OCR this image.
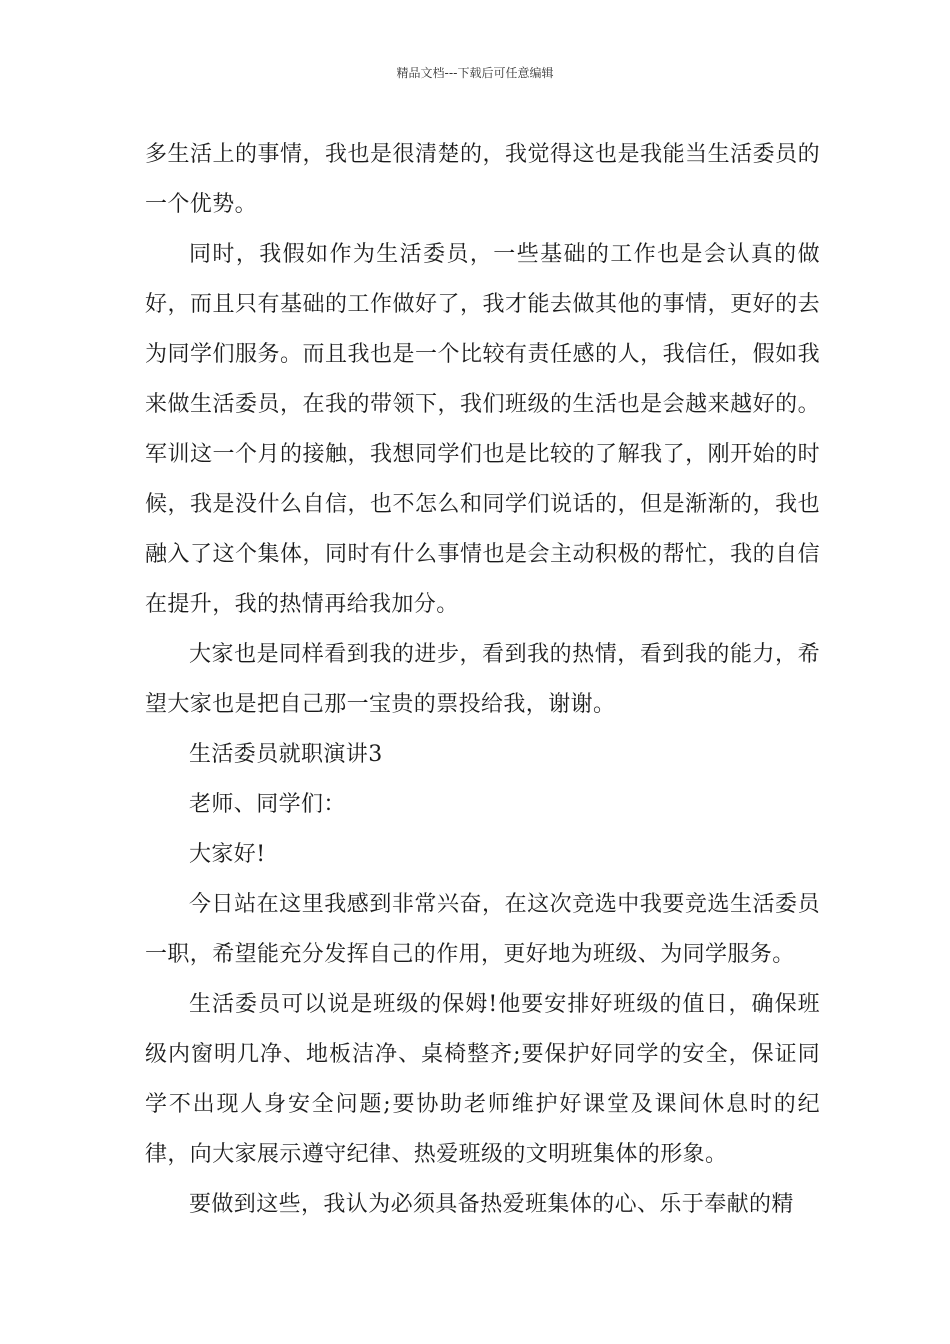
精品文档---下载后可任意编辑

多生活上的事情，我也是很清楚的，我觉得这也是我能当生活委员的一个优势。

同时，我假如作为生活委员，一些基础的工作也是会认真的做好，而且只有基础的工作做好了，我才能去做其他的事情，更好的去为同学们服务。而且我也是一个比较有责任感的人，我信任，假如我来做生活委员，在我的带领下，我们班级的生活也是会越来越好的。军训这一个月的接触，我想同学们也是比较的了解我了，刚开始的时候，我是没什么自信，也不怎么和同学们说话的，但是渐渐的，我也融入了这个集体，同时有什么事情也是会主动积极的帮忙，我的自信在提升，我的热情再给我加分。

大家也是同样看到我的进步，看到我的热情，看到我的能力，希望大家也是把自己那一宝贵的票投给我，谢谢。

生活委员就职演讲3

老师、同学们：

大家好!

今日站在这里我感到非常兴奋，在这次竞选中我要竞选生活委员一职，希望能充分发挥自己的作用，更好地为班级、为同学服务。

生活委员可以说是班级的保姆!他要安排好班级的值日，确保班级内窗明几净、地板洁净、桌椅整齐;要保护好同学的安全，保证同学不出现人身安全问题;要协助老师维护好课堂及课间休息时的纪律，向大家展示遵守纪律、热爱班级的文明班集体的形象。

要做到这些，我认为必须具备热爱班集体的心、乐于奉献的精
